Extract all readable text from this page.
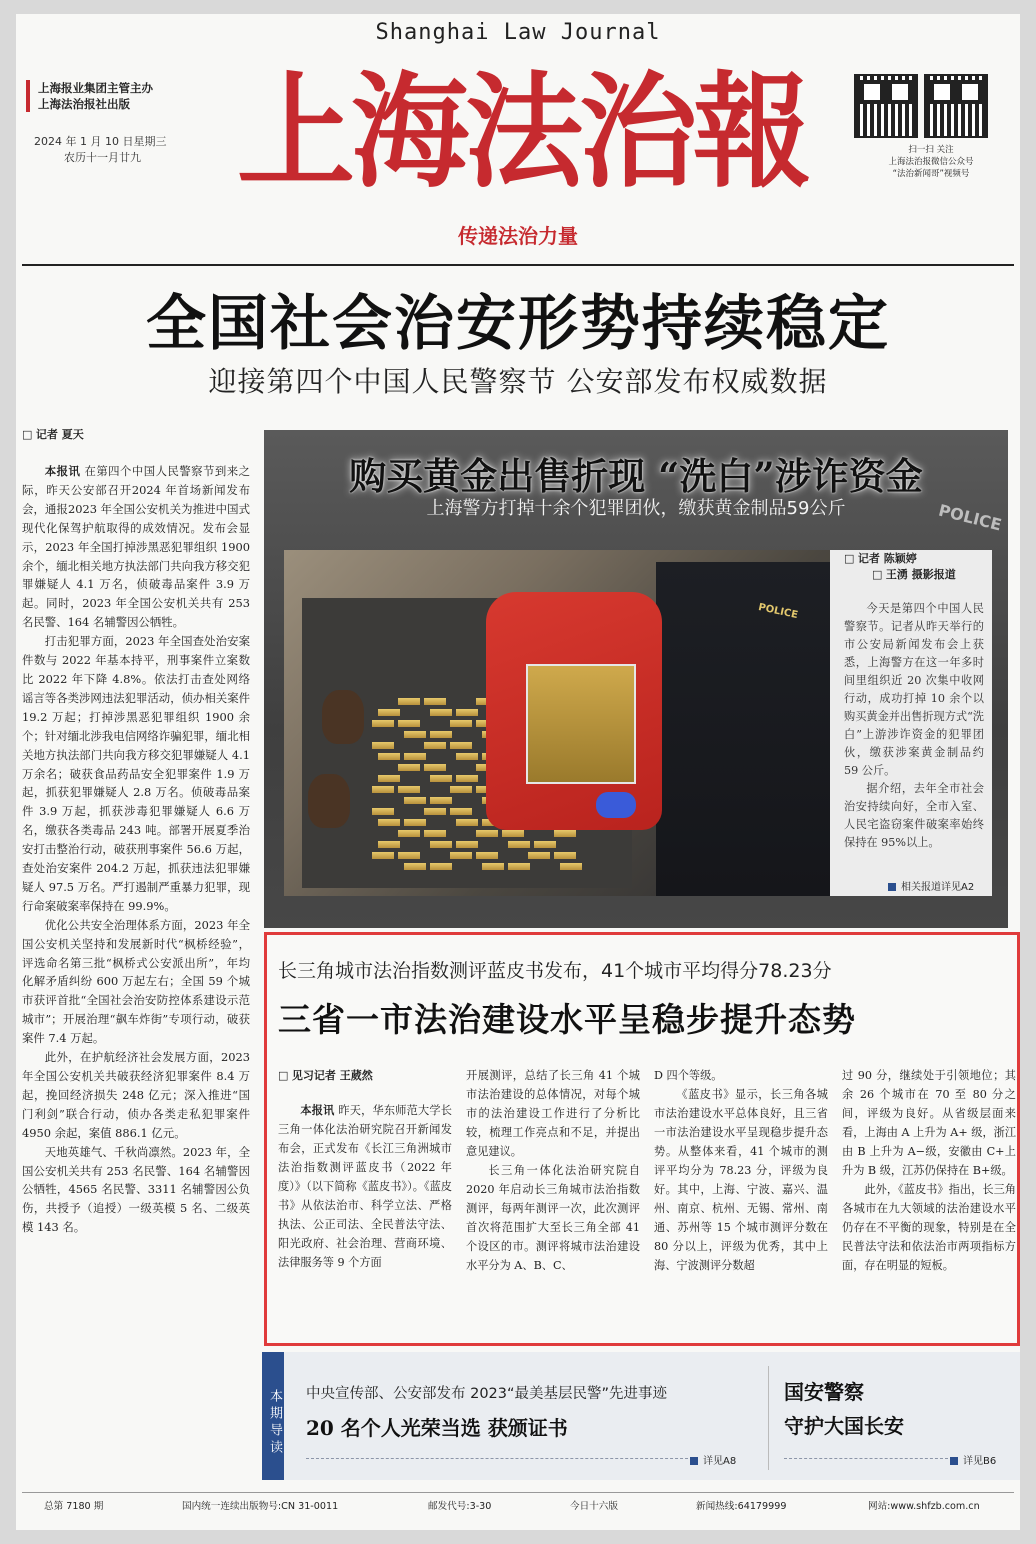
Shanghai Law Journal
上海报业集团主管主办
上海法治报社出版
2024 年 1 月 10 日星期三
农历十一月廿九 上海法治報
传递法治力量
扫一扫 关注
上海法治报微信公众号
“法治新闻哥”视频号
全国社会治安形势持续稳定
迎接第四个中国人民警察节 公安部发布权威数据
□ 记者 夏天

本报讯 在第四个中国人民警察节到来之际，昨天公安部召开2024 年首场新闻发布会，通报2023 年全国公安机关为推进中国式现代化保驾护航取得的成效情况。发布会显示，2023 年全国打掉涉黑恶犯罪组织 1900 余个，缅北相关地方执法部门共向我方移交犯罪嫌疑人 4.1 万名，侦破毒品案件 3.9 万起。同时，2023 年全国公安机关共有 253 名民警、164 名辅警因公牺牲。

打击犯罪方面，2023 年全国查处治安案件数与 2022 年基本持平，刑事案件立案数比 2022 年下降 4.8%。依法打击查处网络谣言等各类涉网违法犯罪活动，侦办相关案件 19.2 万起；打掉涉黑恶犯罪组织 1900 余个；针对缅北涉我电信网络诈骗犯罪，缅北相关地方执法部门共向我方移交犯罪嫌疑人 4.1 万余名；破获食品药品安全犯罪案件 1.9 万起，抓获犯罪嫌疑人 2.8 万名。侦破毒品案件 3.9 万起，抓获涉毒犯罪嫌疑人 6.6 万名，缴获各类毒品 243 吨。部署开展夏季治安打击整治行动，破获刑事案件 56.6 万起，查处治安案件 204.2 万起，抓获违法犯罪嫌疑人 97.5 万名。严打遏制严重暴力犯罪，现行命案破案率保持在 99.9%。

优化公共安全治理体系方面，2023 年全国公安机关坚持和发展新时代“枫桥经验”，评选命名第三批“枫桥式公安派出所”，年均化解矛盾纠纷 600 万起左右；全国 59 个城市获评首批“全国社会治安防控体系建设示范城市”；开展治理“飙车炸街”专项行动，破获案件 7.4 万起。

此外，在护航经济社会发展方面，2023 年全国公安机关共破获经济犯罪案件 8.4 万起，挽回经济损失 248 亿元；深入推进“国门利剑”联合行动，侦办各类走私犯罪案件 4950 余起，案值 886.1 亿元。

天地英雄气、千秋尚凛然。2023 年，全国公安机关共有 253 名民警、164 名辅警因公牺牲，4565 名民警、3311 名辅警因公负伤，共授予（追授）一级英模 5 名、二级英模 143 名。

POLICE
购买黄金出售折现 “洗白”涉诈资金
上海警方打掉十余个犯罪团伙，缴获黄金制品59公斤
POLICE
□ 记者 陈颖婷
□ 王湧 摄影报道

今天是第四个中国人民警察节。记者从昨天举行的市公安局新闻发布会上获悉，上海警方在这一年多时间里组织近 20 次集中收网行动，成功打掉 10 余个以购买黄金并出售折现方式“洗白”上游涉诈资金的犯罪团伙，缴获涉案黄金制品约 59 公斤。

据介绍，去年全市社会治安持续向好，全市入室、人民宅盗窃案件破案率始终保持在 95%以上。

相关报道详见A2
长三角城市法治指数测评蓝皮书发布，41个城市平均得分78.23分
三省一市法治建设水平呈稳步提升态势
□ 见习记者 王葳然

本报讯 昨天，华东师范大学长三角一体化法治研究院召开新闻发布会，正式发布《长江三角洲城市法治指数测评蓝皮书（2022 年度）》（以下简称《蓝皮书》）。《蓝皮书》从依法治市、科学立法、严格执法、公正司法、全民普法守法、阳光政府、社会治理、营商环境、法律服务等 9 个方面

开展测评，总结了长三角 41 个城市法治建设的总体情况，对每个城市的法治建设工作进行了分析比较，梳理工作亮点和不足，并提出意见建议。

长三角一体化法治研究院自 2020 年启动长三角城市法治指数测评，每两年测评一次，此次测评首次将范围扩大至长三角全部 41 个设区的市。测评将城市法治建设水平分为 A、B、C、

D 四个等级。

《蓝皮书》显示，长三角各城市法治建设水平总体良好，且三省一市法治建设水平呈现稳步提升态势。从整体来看，41 个城市的测评平均分为 78.23 分，评级为良好。其中，上海、宁波、嘉兴、温州、南京、杭州、无锡、常州、南通、苏州等 15 个城市测评分数在 80 分以上，评级为优秀，其中上海、宁波测评分数超

过 90 分，继续处于引领地位；其余 26 个城市在 70 至 80 分之间，评级为良好。从省级层面来看，上海由 A 上升为 A+ 级，浙江由 B 上升为 A−级，安徽由 C+上升为 B 级，江苏仍保持在 B+级。

此外，《蓝皮书》指出，长三角各城市在九大领域的法治建设水平仍存在不平衡的现象，特别是在全民普法守法和依法治市两项指标方面，存在明显的短板。

本期导读 中央宣传部、公安部发布 2023“最美基层民警”先进事迹
20 名个人光荣当选 获颁证书
详见A8
国安警察
守护大国长安
详见B6
总第 7180 期	国内统一连续出版物号:CN 31-0011	邮发代号:3-30	今日十六版	新闻热线:64179999	网站:www.shfzb.com.cn
